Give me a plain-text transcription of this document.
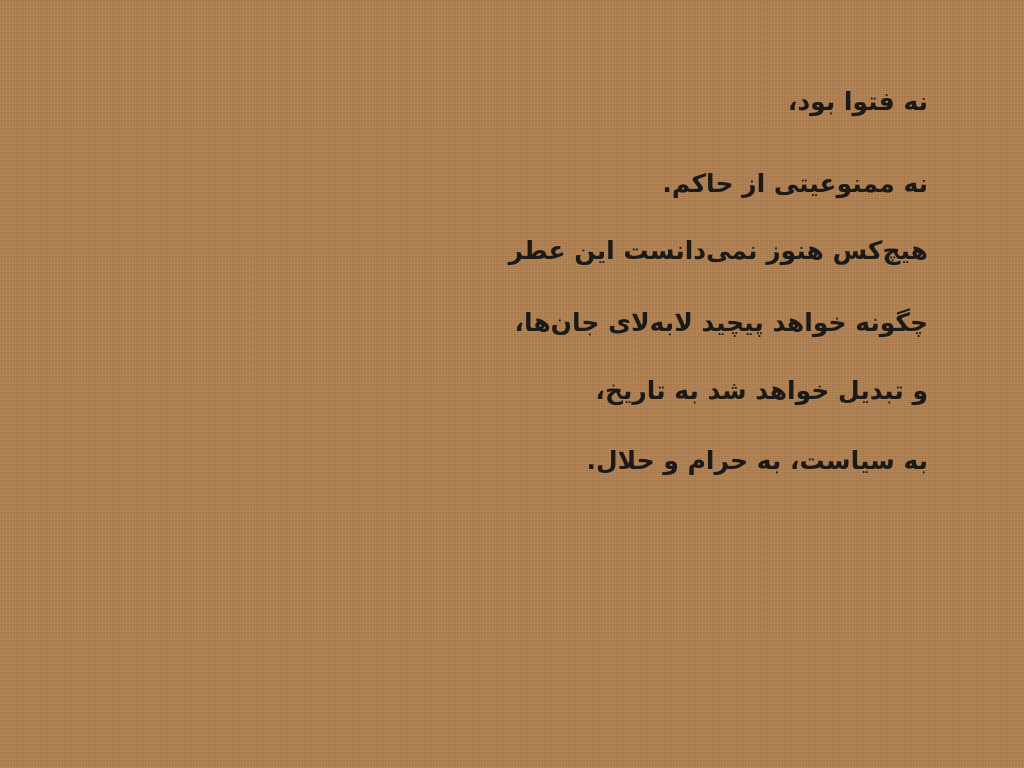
نه فتوا بود،

نه ممنوعیتی از حاکم.

هیچ‌کس هنوز نمی‌دانست این عطر

چگونه خواهد پیچید لابه‌لای جان‌ها،

و تبدیل خواهد شد به تاریخ،

به سیاست، به حرام و حلال.
